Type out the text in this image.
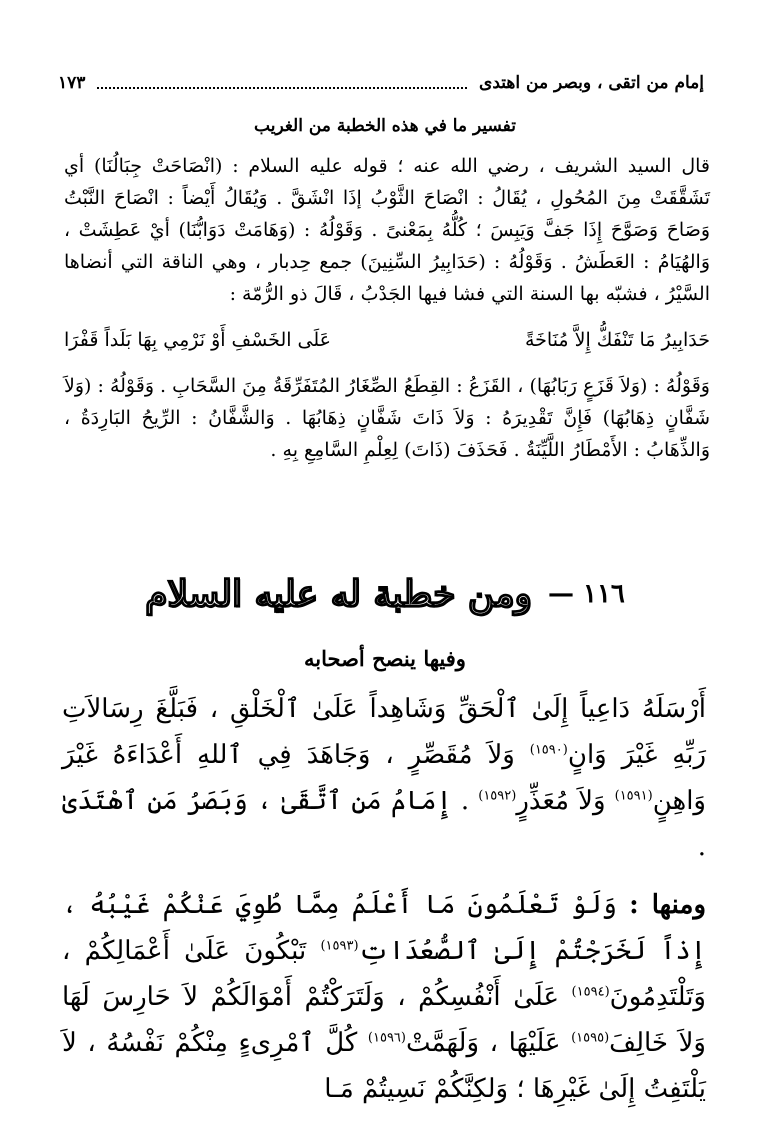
إمام من اتقى ، وبصر من اهتدى
١٧٣
تفسير ما في هذه الخطبة من الغريب

قال السيد الشريف ، رضي الله عنه ؛ قوله عليه السلام : (انْصَاحَتْ جِبَالُنَا) أي تَشَقَّقَتْ مِنَ المُحُولِ ، يُقَالُ : انْصَاحَ الثَّوْبُ إذَا انْشَقَّ . وَيُقَالُ أَيْضاً : انْصَاحَ النَّبْتُ وَصَاحَ وَصَوَّحَ إِذَا جَفَّ وَيَبِسَ ؛ كُلُّهُ بِمَعْنىً . وَقَوْلُهُ : (وَهَامَتْ دَوَابُّنَا) أيْ عَطِشَتْ ، وَالهُيَامُ : العَطَشُ . وَقَوْلُهُ : (حَدَابِيرُ السِّنِينَ) جمع حِدبار ، وهي الناقة التي أنضاها السَّيْرُ ، فشبّه بها السنة التي فشا فيها الجَدْبُ ، قَالَ ذو الرُّمّة :

حَدَابِيرُ مَا تَنْفَكُّ إِلاَّ مُنَاخَةً
عَلَى الخَسْفِ أَوْ نَرْمِي بِهَا بَلَداً قَفْرَا

وَقَوْلُهُ : (وَلاَ قَزَعٍ رَبَابُهَا) ، القَزَعُ : القِطَعُ الصِّغَارُ المُتَفَرِّقَةُ مِنَ السَّحَابِ . وَقَوْلُهُ : (وَلاَ شَفَّانٍ ذِهَابُهَا) فَإِنَّ تَقْدِيرَهُ : وَلاَ ذَاتَ شَفَّانٍ ذِهَابُهَا . وَالشَّفَّانُ : الرِّيحُ البَارِدَةُ ، وَالذِّهَابُ : الأَمْطَارُ اللَّيِّنَةُ . فَحَذَفَ (ذَاتَ) لِعِلْمِ السَّامِعِ بِهِ .

١١٦ —
ومن خطبة له عليه السلام
وفيها ينصح أصحابه

أَرْسَلَهُ دَاعِياً إِلَىٰ ٱلْحَقِّ وَشَاهِداً عَلَىٰ ٱلْخَلْقِ ، فَبَلَّغَ رِسَالاَتِ رَبِّهِ غَيْرَ وَانٍ$^{(١٥٩٠)}$ وَلاَ مُقَصِّرٍ ، وَجَاهَدَ فِي ٱللهِ أَعْدَاءَهُ غَيْرَ وَاهِنٍ$^{(١٥٩١)}$ وَلاَ مُعَذِّرٍ$^{(١٥٩٢)}$ . إِمَامُ مَنِ ٱتَّقَىٰ ، وَبَصَرُ مَنِ ٱهْتَدَىٰ .

ومنها : وَلَوْ تَعْلَمُونَ مَا أَعْلَمُ مِمَّا طُوِيَ عَنْكُمْ غَيْبُهُ ، إِذاً لَخَرَجْتُمْ إِلَىٰ ٱلصُّعُدَاتِ$^{(١٥٩٣)}$ تَبْكُونَ عَلَىٰ أَعْمَالِكُمْ ، وَتَلْتَدِمُونَ$^{(١٥٩٤)}$ عَلَىٰ أَنْفُسِكُمْ ، وَلَتَرَكْتُمْ أَمْوَالَكُمْ لاَ حَارِسَ لَهَا وَلاَ خَالِفَ$^{(١٥٩٥)}$ عَلَيْهَا ، وَلَهَمَّتْ$^{(١٥٩٦)}$ كُلَّ ٱمْرِىءٍ مِنْكُمْ نَفْسُهُ ، لاَ يَلْتَفِتُ إِلَىٰ غَيْرِهَا ؛ وَلكِنَّكُمْ نَسِيتُمْ مَـا
